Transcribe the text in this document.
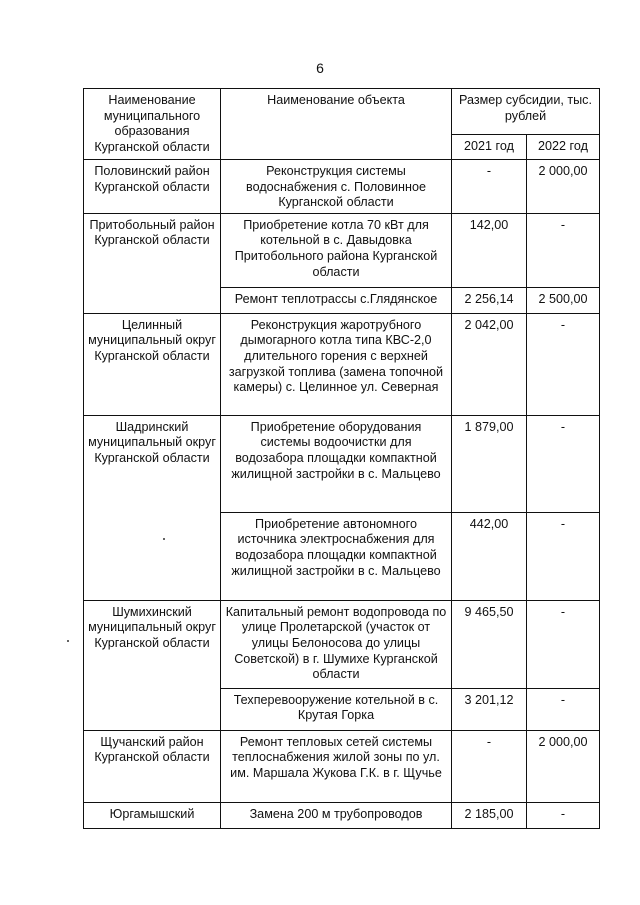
6
Наименование муниципального образования Курганской области	Наименование объекта	Размер субсидии, тыс. рублей	
		2021 год	2022 год
Половинский район Курганской области	Реконструкция системы водоснабжения с. Половинное Курганской области	-	2 000,00
Притобольный район Курганской области	Приобретение котла 70 кВт для котельной в с. Давыдовка Притобольного района Курганской области	142,00	-
	Ремонт теплотрассы с.Глядянское	2 256,14	2 500,00
Целинный муниципальный округ Курганской области	Реконструкция жаротрубного дымогарного котла типа КВС-2,0 длительного горения с верхней загрузкой топлива (замена топочной камеры) с. Целинное ул. Северная	2 042,00	-
Шадринский муниципальный округ Курганской области	Приобретение оборудования системы водоочистки для водозабора площадки компактной жилищной застройки в с. Мальцево	1 879,00	-
	Приобретение автономного источника электроснабжения для водозабора площадки компактной жилищной застройки в с. Мальцево	442,00	-
Шумихинский муниципальный округ Курганской области	Капитальный ремонт водопровода по улице Пролетарской (участок от улицы Белоносова до улицы Советской) в г. Шумихе Курганской области	9 465,50	-
	Техперевооружение котельной в с. Крутая Горка	3 201,12	-
Щучанский район Курганской области	Ремонт тепловых сетей системы теплоснабжения жилой зоны по ул. им. Маршала Жукова Г.К. в г. Щучье	-	2 000,00
Юргамышский	Замена 200 м трубопроводов	2 185,00	-
